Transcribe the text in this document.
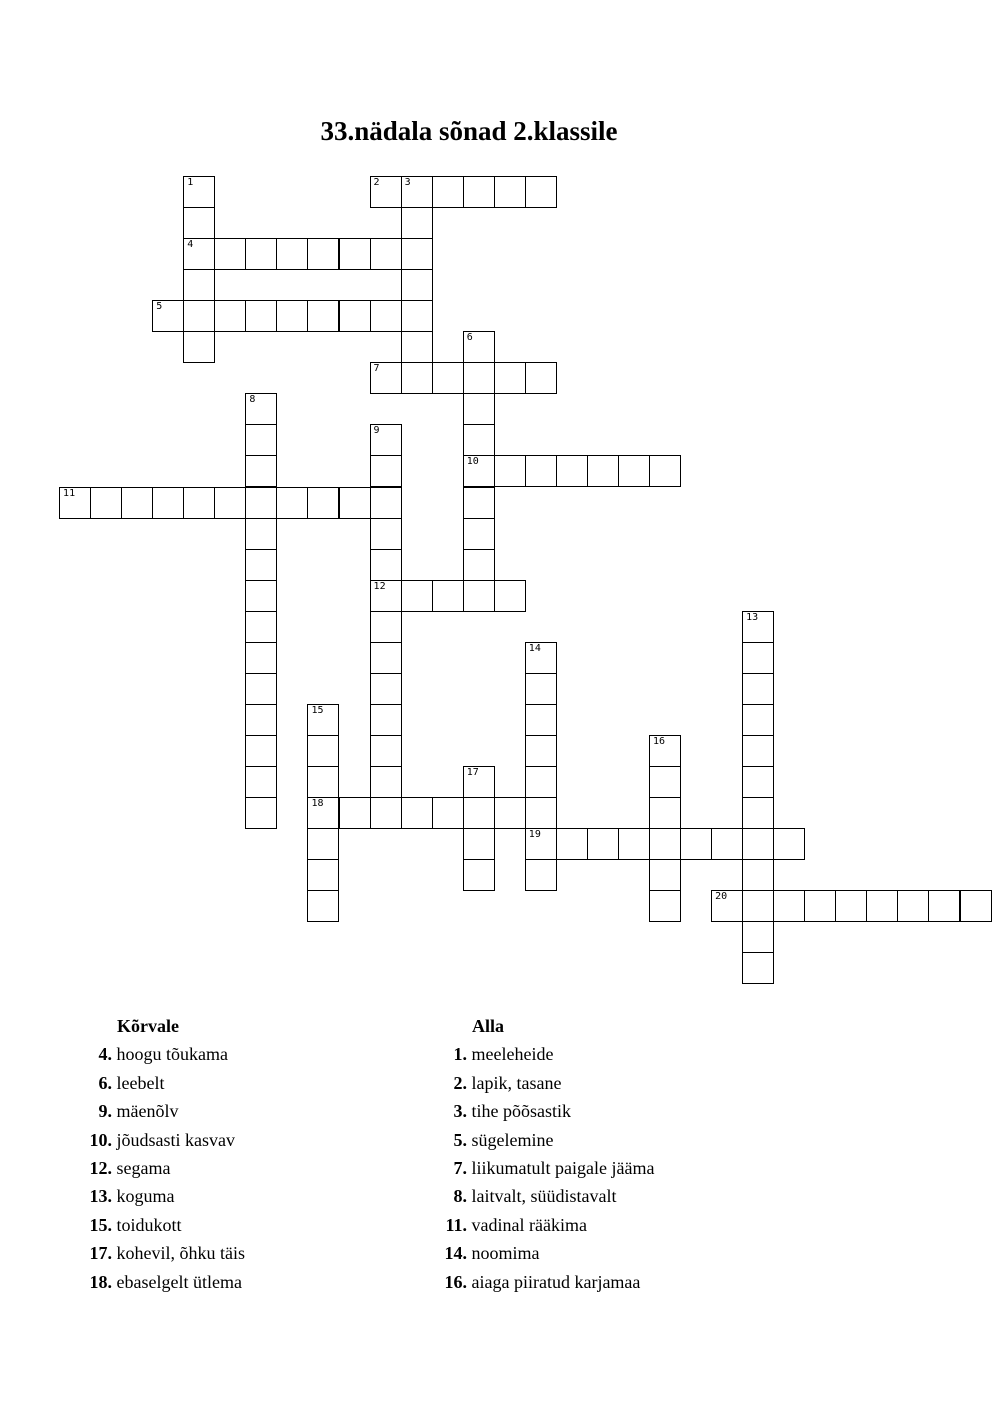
33.nädala sõnad 2.klassile
1
4
2	3
5
6
7
8
9
10
11
12
13
14
15
16
17
18
19
20
Kõrvale
4. hoogu tõukama
6. leebelt
9. mäenõlv
10. jõudsasti kasvav
12. segama
13. koguma
15. toidukott
17. kohevil, õhku täis
18. ebaselgelt ütlema
Alla
1. meeleheide
2. lapik, tasane
3. tihe põõsastik
5. sügelemine
7. liikumatult paigale jääma
8. laitvalt, süüdistavalt
11. vadinal rääkima
14. noomima
16. aiaga piiratud karjamaa
